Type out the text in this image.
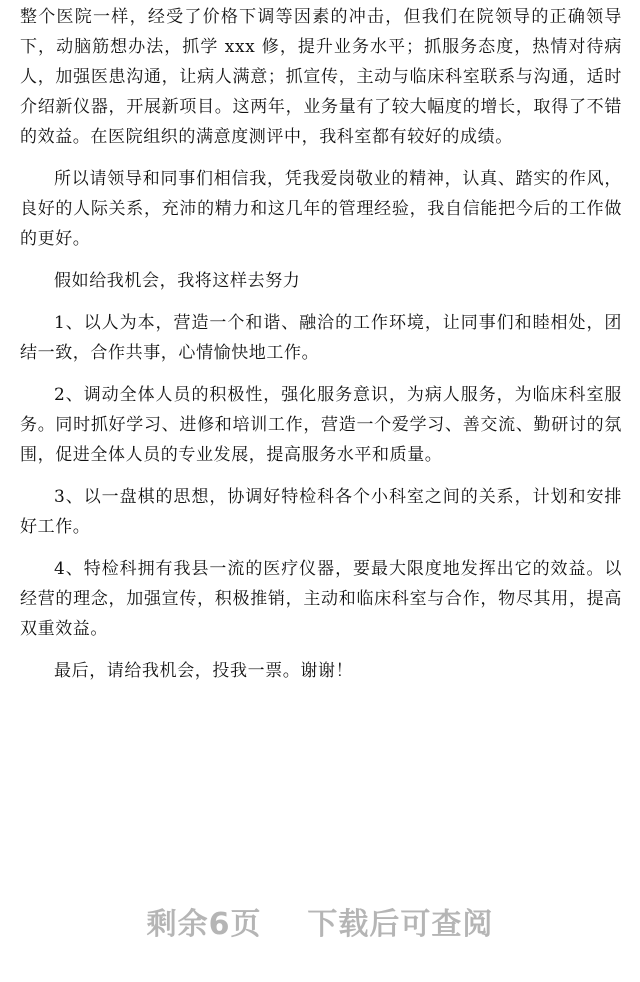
整个医院一样，经受了价格下调等因素的冲击，但我们在院领导的正确领导下，动脑筋想办法，抓学 xxx 修，提升业务水平；抓服务态度，热情对待病人，加强医患沟通，让病人满意；抓宣传，主动与临床科室联系与沟通，适时介绍新仪器，开展新项目。这两年，业务量有了较大幅度的增长，取得了不错的效益。在医院组织的满意度测评中，我科室都有较好的成绩。

所以请领导和同事们相信我，凭我爱岗敬业的精神，认真、踏实的作风，良好的人际关系，充沛的精力和这几年的管理经验，我自信能把今后的工作做的更好。

假如给我机会，我将这样去努力

1、以人为本，营造一个和谐、融洽的工作环境，让同事们和睦相处，团结一致，合作共事，心情愉快地工作。

2、调动全体人员的积极性，强化服务意识，为病人服务，为临床科室服务。同时抓好学习、进修和培训工作，营造一个爱学习、善交流、勤研讨的氛围，促进全体人员的专业发展，提高服务水平和质量。

3、以一盘棋的思想，协调好特检科各个小科室之间的关系，计划和安排好工作。

4、特检科拥有我县一流的医疗仪器，要最大限度地发挥出它的效益。以经营的理念，加强宣传，积极推销，主动和临床科室与合作，物尽其用，提高双重效益。

最后，请给我机会，投我一票。谢谢！

剩余6页    下载后可查阅
